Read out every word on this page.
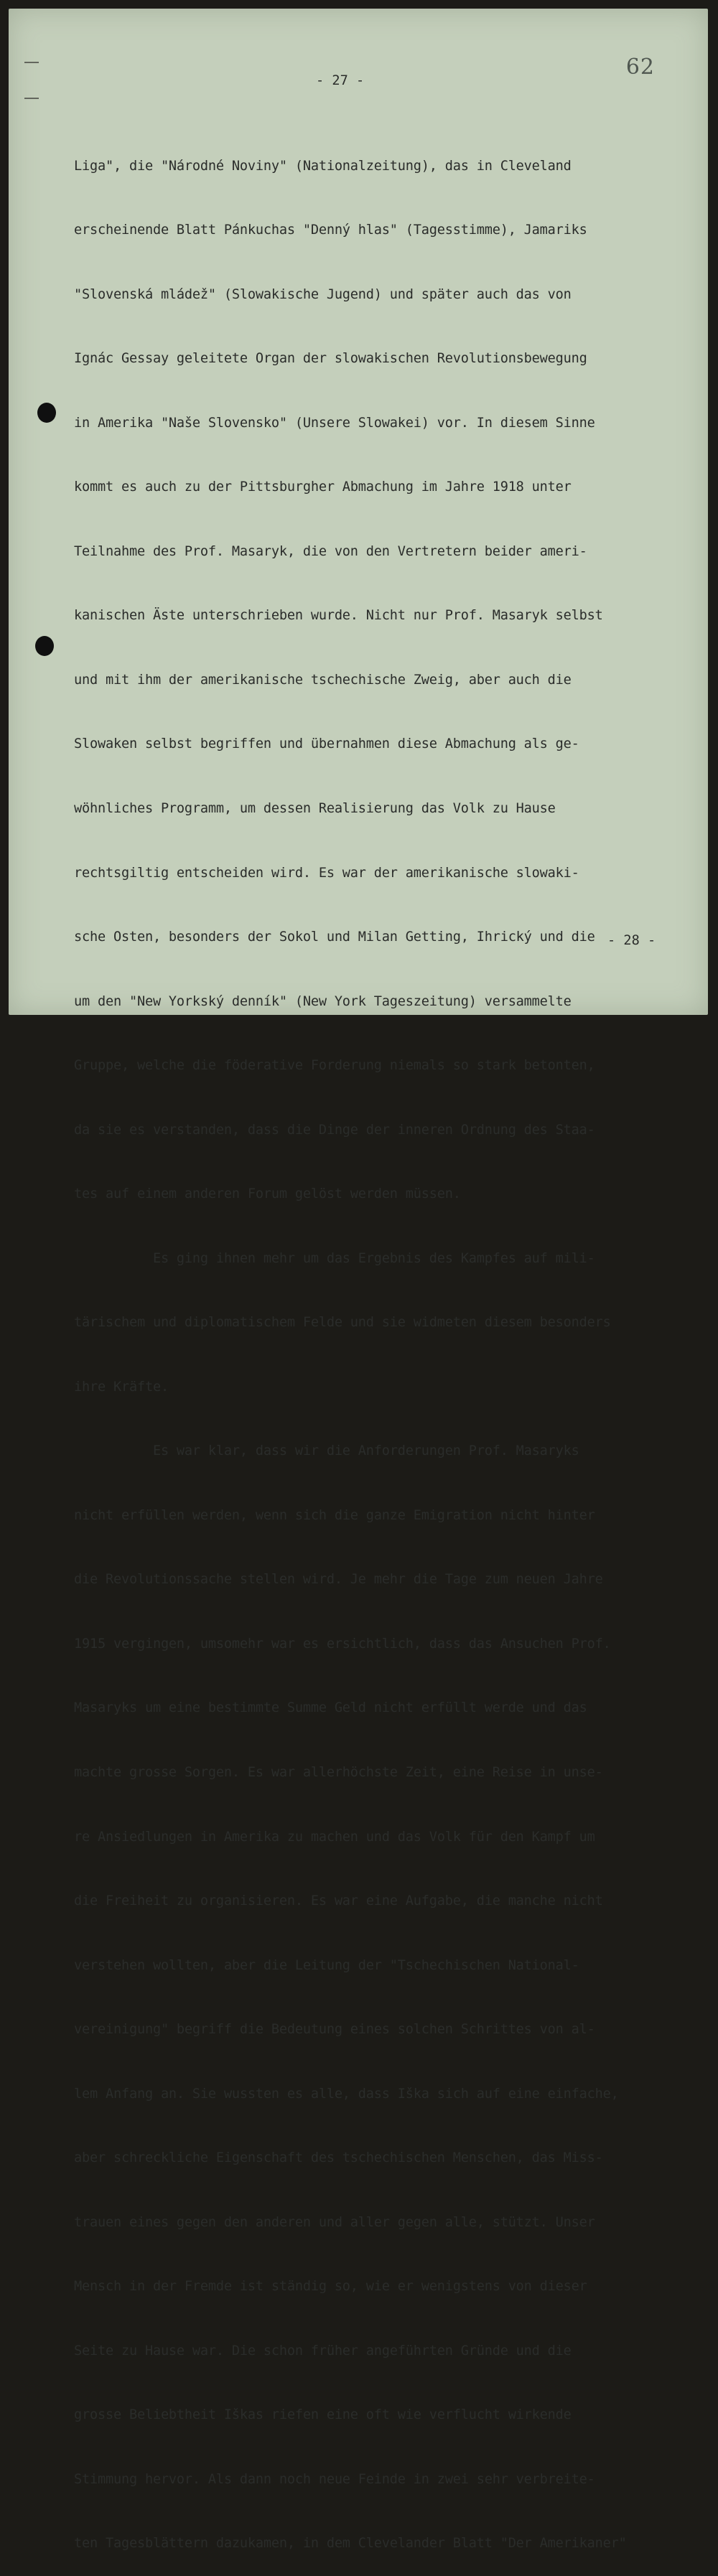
62
- 27 -

Liga", die "Národné Noviny" (Nationalzeitung), das in Cleveland

erscheinende Blatt Pánkuchas "Denný hlas" (Tagesstimme), Jamariks

"Slovenská mládež" (Slowakische Jugend) und später auch das von

Ignác Gessay geleitete Organ der slowakischen Revolutionsbewegung

in Amerika "Naše Slovensko" (Unsere Slowakei) vor. In diesem Sinne

kommt es auch zu der Pittsburgher Abmachung im Jahre 1918 unter

Teilnahme des Prof. Masaryk, die von den Vertretern beider ameri-

kanischen Äste unterschrieben wurde. Nicht nur Prof. Masaryk selbst

und mit ihm der amerikanische tschechische Zweig, aber auch die

Slowaken selbst begriffen und übernahmen diese Abmachung als ge-

wöhnliches Programm, um dessen Realisierung das Volk zu Hause

rechtsgiltig entscheiden wird. Es war der amerikanische slowaki-

sche Osten, besonders der Sokol und Milan Getting, Ihrický und die

um den "New Yorkský denník" (New York Tageszeitung) versammelte

Gruppe, welche die föderative Forderung niemals so stark betonten,

da sie es verstanden, dass die Dinge der inneren Ordnung des Staa-

tes auf einem anderen Forum gelöst werden müssen.

Es ging ihnen mehr um das Ergebnis des Kampfes auf mili-

tärischem und diplomatischem Felde und sie widmeten diesem besonders

ihre Kräfte.

Es war klar, dass wir die Anforderungen Prof. Masaryks

nicht erfüllen werden, wenn sich die ganze Emigration nicht hinter

die Revolutionssache stellen wird. Je mehr die Tage zum neuen Jahre

1915 vergingen, umsomehr war es ersichtlich, dass das Ansuchen Prof.

Masaryks um eine bestimmte Summe Geld nicht erfüllt werde und das

machte grosse Sorgen. Es war allerhöchste Zeit, eine Reise in unse-

re Ansiedlungen in Amerika zu machen und das Volk für den Kampf um

die Freiheit zu organisieren. Es war eine Aufgabe, die manche nicht

verstehen wollten, aber die Leitung der "Tschechischen National-

vereinigung" begriff die Bedeutung eines solchen Schrittes von al-

lem Anfang an. Sie wussten es alle, dass Iška sich auf eine einfache,

aber schreckliche Eigenschaft des tschechischen Menschen, das Miss-

trauen eines gegen den anderen und aller gegen alle, stützt. Unser

Mensch in der Fremde ist ständig so, wie er wenigstens von dieser

Seite zu Hause war. Die schon früher angeführten Gründe und die

grosse Beliebtheit Iškas riefen eine oft wie verflucht wirkende

Stimmung hervor. Als dann noch neue Feinde in zwei sehr verbreite-

ten Tagesblättern dazukamen, in dem Clevelander Blatt "Der Amerikaner"

- 28 -
